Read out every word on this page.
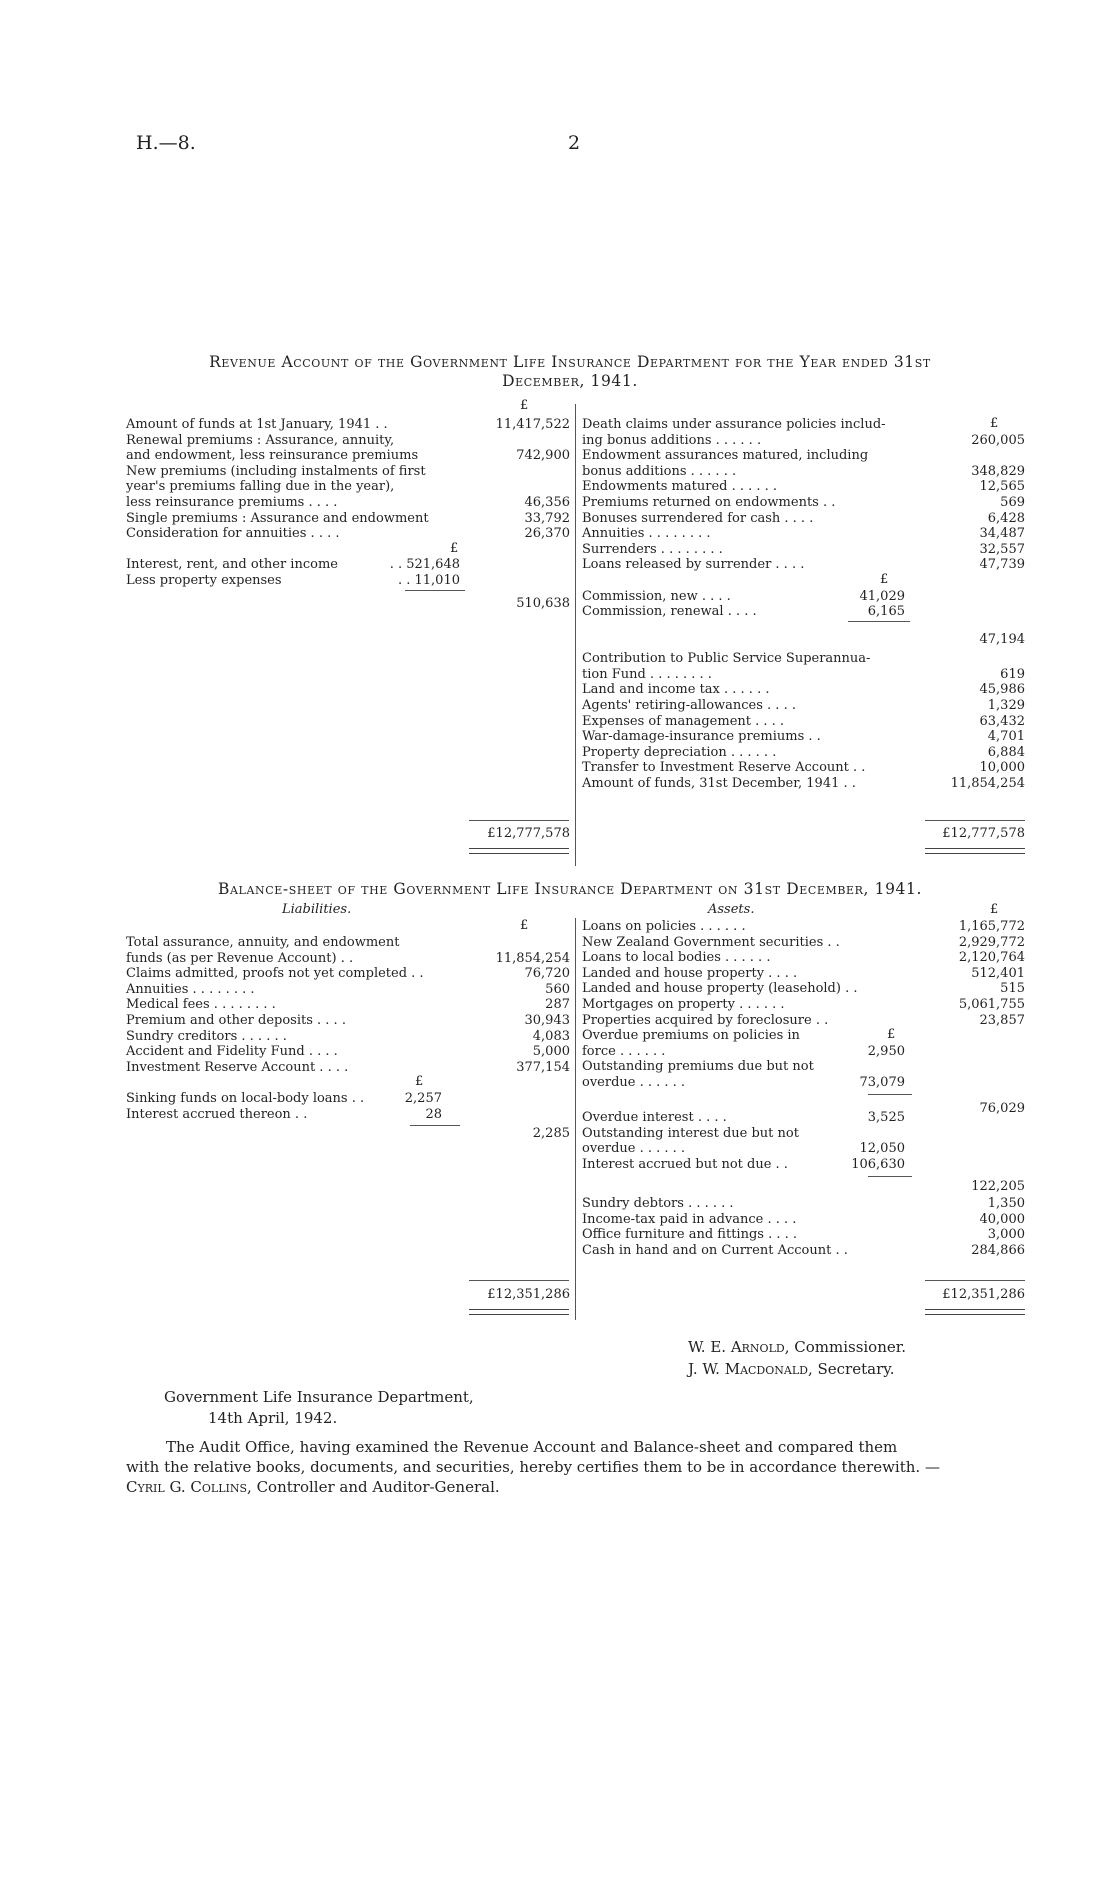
H.—8.	2
Revenue Account of the Government Life Insurance Department for the Year ended 31st
December, 1941.
£
£
Amount of funds at 1st January, 1941 . .	11,417,522
Renewal premiums : Assurance, annuity,
and endowment, less reinsurance premiums	742,900
New premiums (including instalments of first
year's premiums falling due in the year),
less reinsurance premiums . . . .	46,356
Single premiums : Assurance and endowment	33,792
Consideration for annuities . . . .	26,370
£
Interest, rent, and other income	. . 521,648
Less property expenses	. . 11,010
510,638
Death claims under assurance policies includ-
ing bonus additions . . . . . .	260,005
Endowment assurances matured, including
bonus additions . . . . . .	348,829
Endowments matured . . . . . .	12,565
Premiums returned on endowments . .	569
Bonuses surrendered for cash . . . .	6,428
Annuities . . . . . . . .	34,487
Surrenders . . . . . . . .	32,557
Loans released by surrender . . . .	47,739
£
Commission, new . . . .	41,029
Commission, renewal . . . .	6,165
47,194
Contribution to Public Service Superannua-
tion Fund . . . . . . . .	619
Land and income tax . . . . . .	45,986
Agents' retiring-allowances . . . .	1,329
Expenses of management . . . .	63,432
War-damage-insurance premiums . .	4,701
Property depreciation . . . . . .	6,884
Transfer to Investment Reserve Account . .	10,000
Amount of funds, 31st December, 1941 . .	11,854,254
£12,777,578	£12,777,578
Balance-sheet of the Government Life Insurance Department on 31st December, 1941.
Liabilities.	Assets.
£
£
Total assurance, annuity, and endowment
funds (as per Revenue Account) . .	11,854,254
Claims admitted, proofs not yet completed . .	76,720
Annuities . . . . . . . .	560
Medical fees . . . . . . . .	287
Premium and other deposits . . . .	30,943
Sundry creditors . . . . . .	4,083
Accident and Fidelity Fund . . . .	5,000
Investment Reserve Account . . . .	377,154
£
Sinking funds on local-body loans . .	2,257
Interest accrued thereon . .	28
2,285
Loans on policies . . . . . .	1,165,772
New Zealand Government securities . .	2,929,772
Loans to local bodies . . . . . .	2,120,764
Landed and house property . . . .	512,401
Landed and house property (leasehold) . .	515
Mortgages on property . . . . . .	5,061,755
Properties acquired by foreclosure . .	23,857
£
Overdue premiums on policies in
force . . . . . .	2,950
Outstanding premiums due but not
overdue . . . . . .	73,079
76,029
Overdue interest . . . .	3,525
Outstanding interest due but not
overdue . . . . . .	12,050
Interest accrued but not due . .	106,630
122,205
Sundry debtors . . . . . .	1,350
Income-tax paid in advance . . . .	40,000
Office furniture and fittings . . . .	3,000
Cash in hand and on Current Account . .	284,866
£12,351,286	£12,351,286
W. E. Arnold, Commissioner.
J. W. Macdonald, Secretary.
Government Life Insurance Department,
14th April, 1942.
The Audit Office, having examined the Revenue Account and Balance-sheet and compared them
with the relative books, documents, and securities, hereby certifies them to be in accordance therewith. —
Cyril G. Collins, Controller and Auditor-General.
